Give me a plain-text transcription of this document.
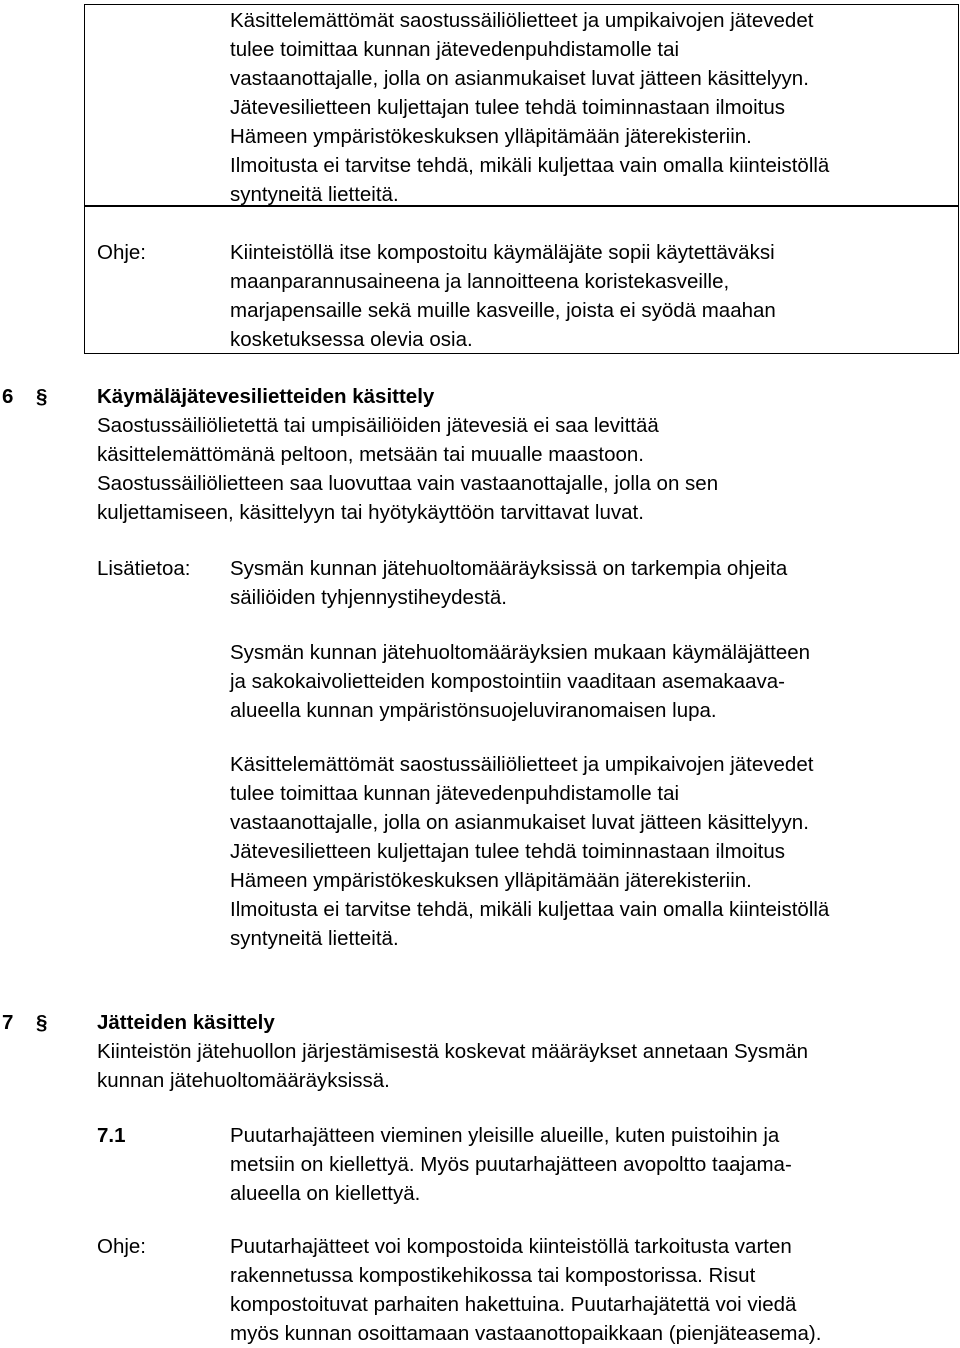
Käsittelemättömät saostussäiliölietteet ja umpikaivojen jätevedet
tulee toimittaa kunnan jätevedenpuhdistamolle tai
vastaanottajalle, jolla on asianmukaiset luvat jätteen käsittelyyn.
Jätevesilietteen kuljettajan tulee tehdä toiminnastaan ilmoitus
Hämeen ympäristökeskuksen ylläpitämään jäterekisteriin.
Ilmoitusta ei tarvitse tehdä, mikäli kuljettaa vain omalla kiinteistöllä
syntyneitä lietteitä.
Ohje:	Kiinteistöllä itse kompostoitu käymäläjäte sopii käytettäväksi
maanparannusaineena ja lannoitteena koristekasveille,
marjapensaille sekä muille kasveille, joista ei syödä maahan
kosketuksessa olevia osia.
6 § Käymäläjätevesilietteiden käsittely
Saostussäiliölietettä tai umpisäiliöiden jätevesiä ei saa levittää
käsittelemättömänä peltoon, metsään tai muualle maastoon.
Saostussäiliölietteen saa luovuttaa vain vastaanottajalle, jolla on sen
kuljettamiseen, käsittelyyn tai hyötykäyttöön tarvittavat luvat.
Lisätietoa: Sysmän kunnan jätehuoltomääräyksissä on tarkempia ohjeita
säiliöiden tyhjennystiheydestä.
Sysmän kunnan jätehuoltomääräyksien mukaan käymäläjätteen
ja sakokaivolietteiden kompostointiin vaaditaan asemakaava-
alueella kunnan ympäristönsuojeluviranomaisen lupa.
Käsittelemättömät saostussäiliölietteet ja umpikaivojen jätevedet
tulee toimittaa kunnan jätevedenpuhdistamolle tai
vastaanottajalle, jolla on asianmukaiset luvat jätteen käsittelyyn.
Jätevesilietteen kuljettajan tulee tehdä toiminnastaan ilmoitus
Hämeen ympäristökeskuksen ylläpitämään jäterekisteriin.
Ilmoitusta ei tarvitse tehdä, mikäli kuljettaa vain omalla kiinteistöllä
syntyneitä lietteitä.
7 § Jätteiden käsittely
Kiinteistön jätehuollon järjestämisestä koskevat määräykset annetaan Sysmän
kunnan jätehuoltomääräyksissä.
7.1	Puutarhajätteen vieminen yleisille alueille, kuten puistoihin ja
metsiin on kiellettyä. Myös puutarhajätteen avopoltto taajama-
alueella on kiellettyä.
Ohje:	Puutarhajätteet voi kompostoida kiinteistöllä tarkoitusta varten
rakennetussa kompostikehikossa tai kompostorissa. Risut
kompostoituvat parhaiten hakettuina. Puutarhajätettä voi viedä
myös kunnan osoittamaan vastaanottopaikkaan (pienjäteasema).
